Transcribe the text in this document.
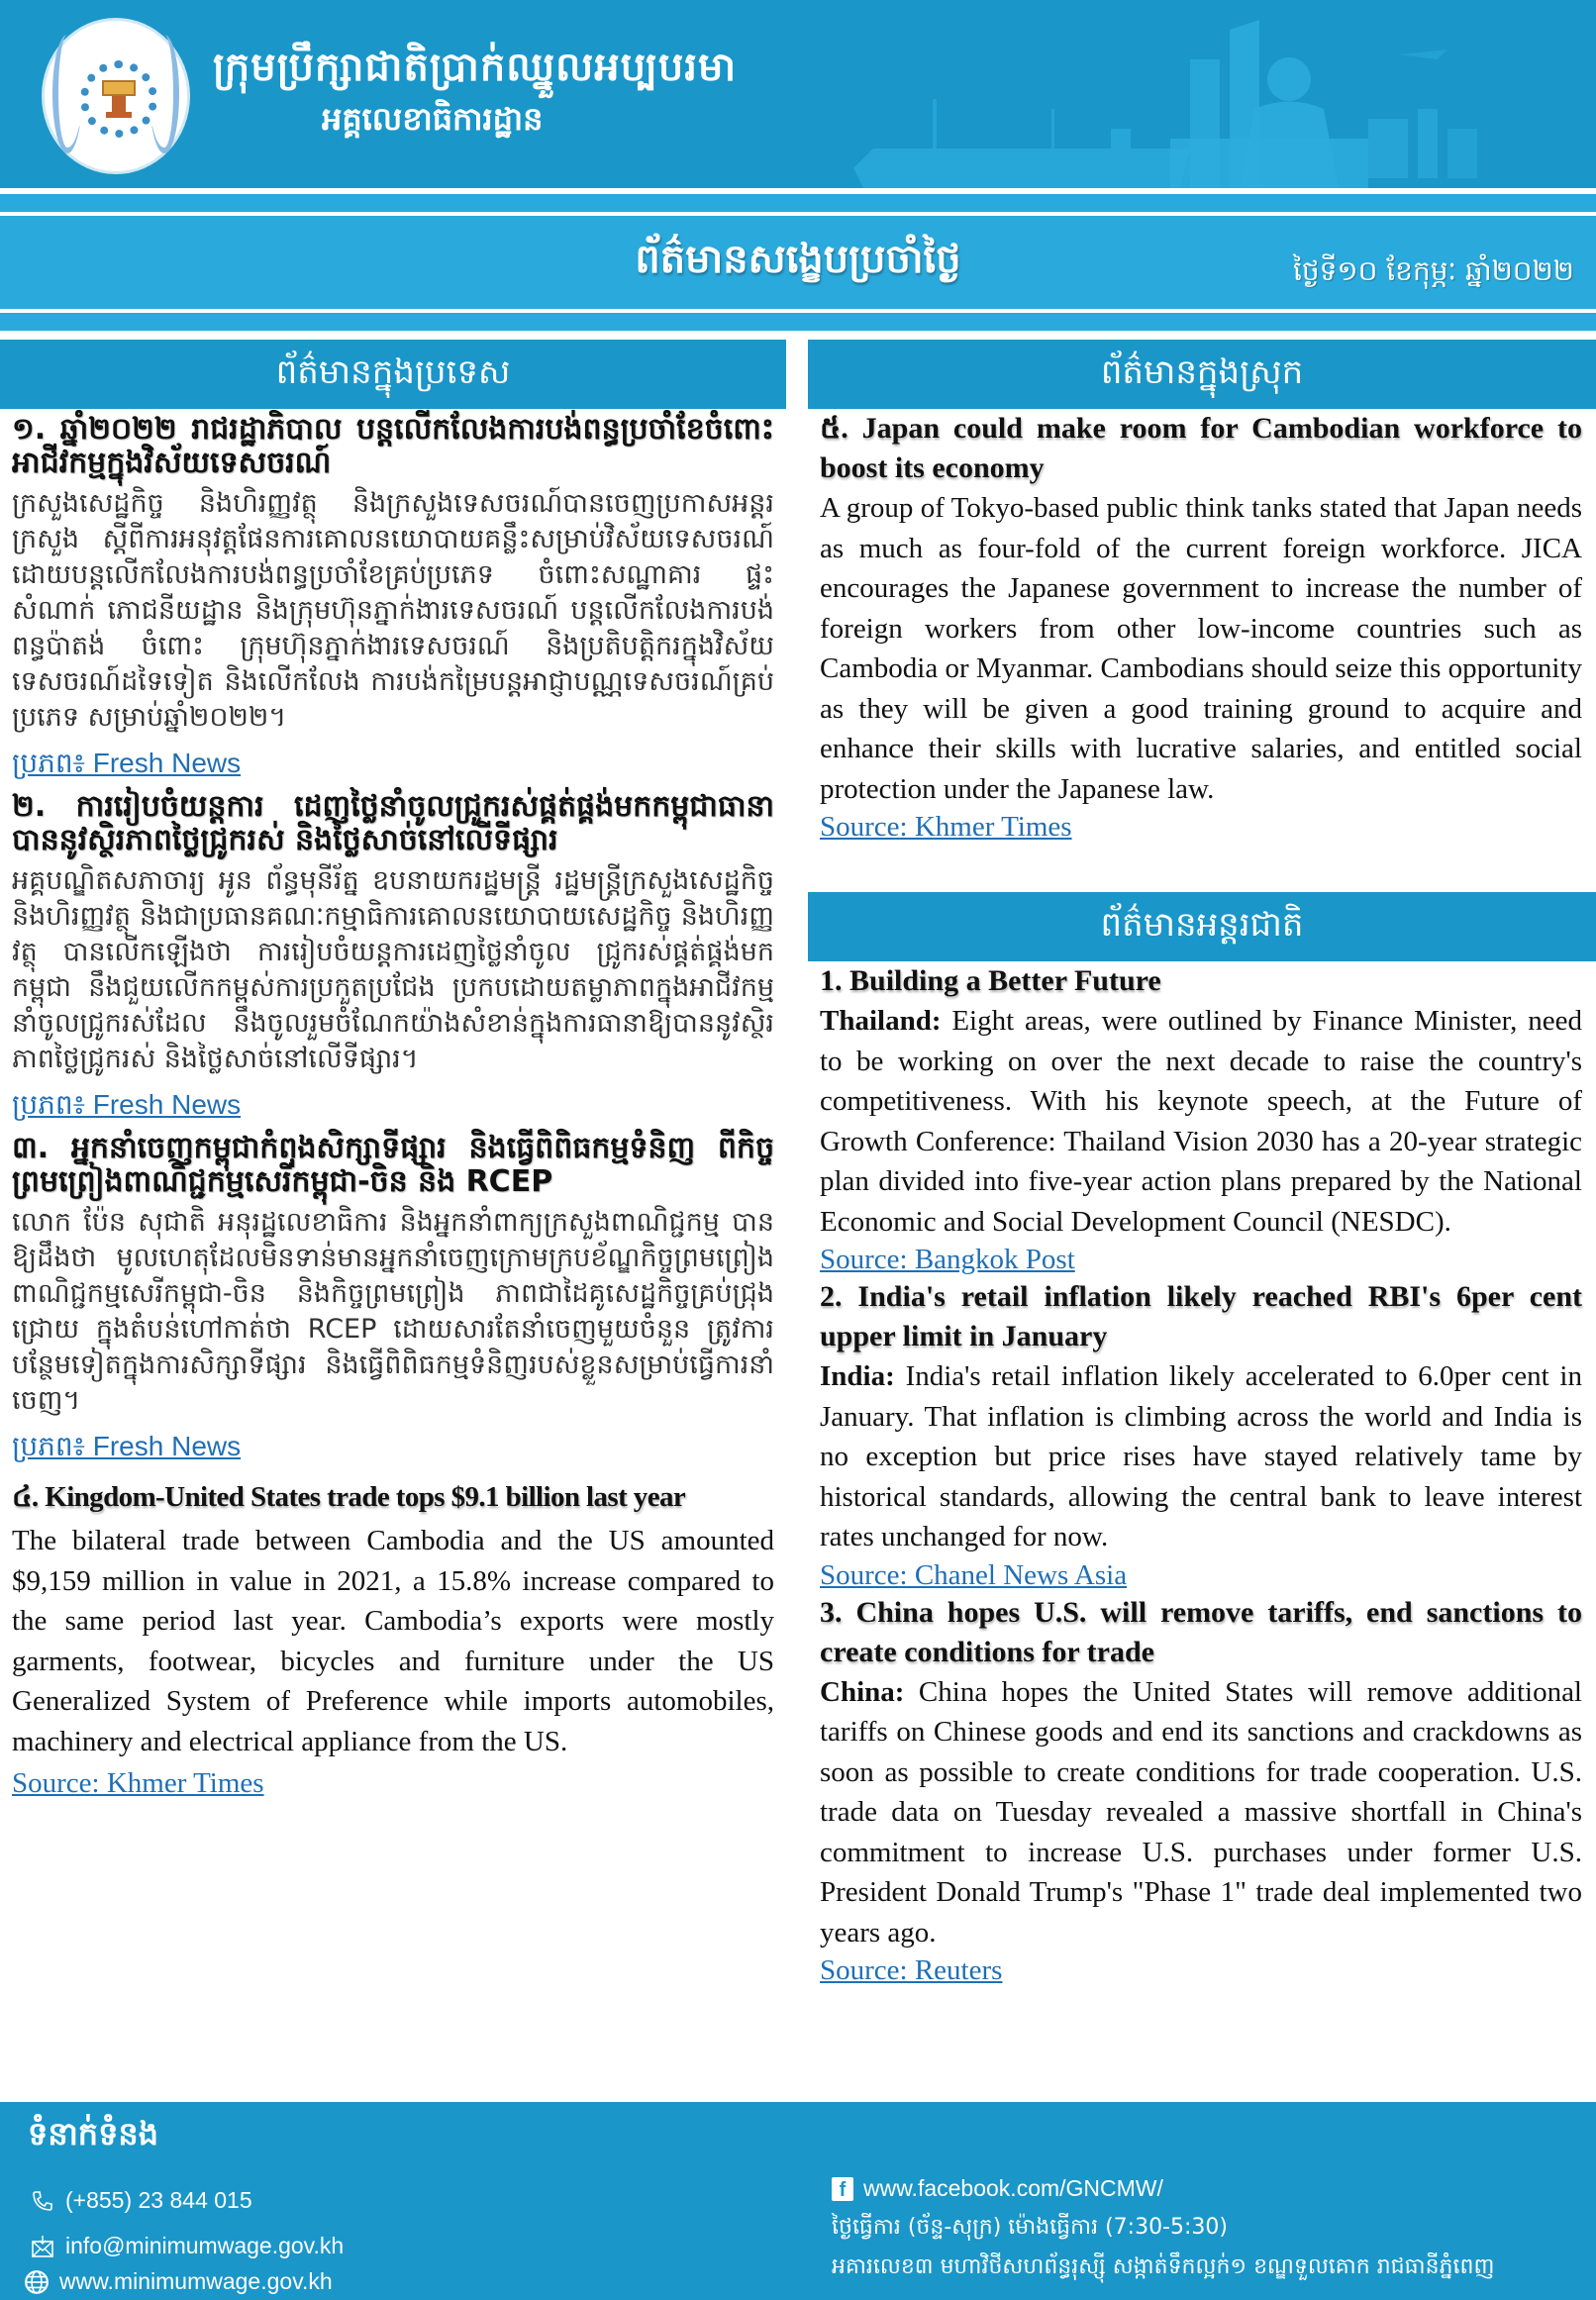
ក្រុមប្រឹក្សាជាតិប្រាក់ឈ្នួលអប្បបរមា
អគ្គលេខាធិការដ្ឋាន
ព័ត៌មានសង្ខេបប្រចាំថ្ងៃ	ថ្ងៃទី១០ ខែកុម្ភៈ ឆ្នាំ២០២២
ព័ត៌មានក្នុងប្រទេស
១. ឆ្នាំ២០២២ រាជរដ្ឋាភិបាល បន្តលើកលែងការបង់ពន្ធប្រចាំខែចំពោះអាជីវកម្មក្នុងវិស័យទេសចរណ៍
ក្រសួងសេដ្ឋកិច្ច និងហិរញ្ញវត្ថុ និងក្រសួងទេសចរណ៍បានចេញប្រកាសអន្តរក្រសួង ស្ដីពីការអនុវត្តផែនការគោលនយោបាយគន្លឹះសម្រាប់វិស័យទេសចរណ៍ ដោយបន្តលើកលែងការបង់ពន្ធប្រចាំខែគ្រប់ប្រភេទ ចំពោះសណ្ឋាគារ ផ្ទះសំណាក់ ភោជនីយដ្ឋាន និងក្រុមហ៊ុនភ្នាក់ងារទេសចរណ៍ បន្តលើកលែងការបង់ពន្ធប៉ាតង់ ចំពោះ ក្រុមហ៊ុនភ្នាក់ងារទេសចរណ៍ និងប្រតិបត្តិករក្នុងវិស័យទេសចរណ៍ដទៃទៀត និងលើកលែង ការបង់កម្រៃបន្តអាជ្ញាបណ្ណទេសចរណ៍គ្រប់ប្រភេទ សម្រាប់ឆ្នាំ២០២២។
ប្រភព៖ Fresh News
២. ការរៀបចំយន្តការ ដេញថ្លៃនាំចូលជ្រូករស់ផ្គត់ផ្គង់មកកម្ពុជាធានាបាននូវស្ថិរភាពថ្លៃជ្រូករស់ និងថ្លៃសាច់នៅលើទីផ្សារ
អគ្គបណ្ឌិតសភាចារ្យ អូន ព័ន្ធមុនីរ័ត្ន ឧបនាយករដ្ឋមន្ត្រី រដ្ឋមន្ត្រីក្រសួងសេដ្ឋកិច្ច និងហិរញ្ញវត្ថុ និងជាប្រធានគណៈកម្មាធិការគោលនយោបាយសេដ្ឋកិច្ច និងហិរញ្ញវត្ថុ បានលើកឡើងថា ការរៀបចំយន្តការដេញថ្លៃនាំចូល ជ្រូករស់ផ្គត់ផ្គង់មកកម្ពុជា នឹងជួយលើកកម្ពស់ការប្រកួតប្រជែង ប្រកបដោយតម្លាភាពក្នុងអាជីវកម្មនាំចូលជ្រូករស់ដែល នឹងចូលរួមចំណែកយ៉ាងសំខាន់ក្នុងការធានាឱ្យបាននូវស្ថិរភាពថ្លៃជ្រូករស់ និងថ្លៃសាច់នៅលើទីផ្សារ។
ប្រភព៖ Fresh News
៣. អ្នកនាំចេញកម្ពុជាកំពុងសិក្សាទីផ្សារ និងធ្វើពិពិធកម្មទំនិញ ពីកិច្ចព្រមព្រៀងពាណិជ្ជកម្មសេរីកម្ពុជា-ចិន និង RCEP
លោក ប៉ែន សុជាតិ អនុរដ្ឋលេខាធិការ និងអ្នកនាំពាក្យក្រសួងពាណិជ្ជកម្ម បានឱ្យដឹងថា មូលហេតុដែលមិនទាន់មានអ្នកនាំចេញក្រោមក្របខ័ណ្ឌកិច្ចព្រមព្រៀង ពាណិជ្ជកម្មសេរីកម្ពុជា-ចិន និងកិច្ចព្រមព្រៀង ភាពជាដៃគូសេដ្ឋកិច្ចគ្រប់ជ្រុងជ្រោយ ក្នុងតំបន់ហៅកាត់ថា RCEP ដោយសារតែនាំចេញមួយចំនួន ត្រូវការបន្ថែមទៀតក្នុងការសិក្សាទីផ្សារ និងធ្វើពិពិធកម្មទំនិញរបស់ខ្លួនសម្រាប់ធ្វើការនាំចេញ។
ប្រភព៖ Fresh News
៤. Kingdom-United States trade tops $9.1 billion last year
The bilateral trade between Cambodia and the US amounted $9,159 million in value in 2021, a 15.8% increase compared to the same period last year. Cambodia’s exports were mostly garments, footwear, bicycles and furniture under the US Generalized System of Preference while imports automobiles, machinery and electrical appliance from the US.
Source: Khmer Times
ព័ត៌មានក្នុងស្រុក
៥. Japan could make room for Cambodian workforce to boost its economy
A group of Tokyo-based public think tanks stated that Japan needs as much as four-fold of the current foreign workforce. JICA encourages the Japanese government to increase the number of foreign workers from other low-income countries such as Cambodia or Myanmar. Cambodians should seize this opportunity as they will be given a good training ground to acquire and enhance their skills with lucrative salaries, and entitled social protection under the Japanese law.
Source: Khmer Times
ព័ត៌មានអន្តរជាតិ
1. Building a Better Future
Thailand: Eight areas, were outlined by Finance Minister, need to be working on over the next decade to raise the country's competitiveness. With his keynote speech, at the Future of Growth Conference: Thailand Vision 2030 has a 20-year strategic plan divided into five-year action plans prepared by the National Economic and Social Development Council (NESDC).
Source: Bangkok Post
2. India's retail inflation likely reached RBI's 6per cent upper limit in January
India: India's retail inflation likely accelerated to 6.0per cent in January. That inflation is climbing across the world and India is no exception but price rises have stayed relatively tame by historical standards, allowing the central bank to leave interest rates unchanged for now.
Source: Chanel News Asia
3. China hopes U.S. will remove tariffs, end sanctions to create conditions for trade
China: China hopes the United States will remove additional tariffs on Chinese goods and end its sanctions and crackdowns as soon as possible to create conditions for trade cooperation. U.S. trade data on Tuesday revealed a massive shortfall in China's commitment to increase U.S. purchases under former U.S. President Donald Trump's "Phase 1" trade deal implemented two years ago.
Source: Reuters
ទំនាក់ទំនង
(+855) 23 844 015
info@minimumwage.gov.kh
www.minimumwage.gov.kh
f www.facebook.com/GNCMW/
ថ្ងៃធ្វើការ (ច័ន្ទ-សុក្រ) ម៉ោងធ្វើការ (7:30-5:30)
អគារលេខ៣ មហាវិថីសហព័ន្ធរុស្ស៊ី សង្កាត់ទឹកល្អក់១ ខណ្ឌទួលគោក រាជធានីភ្នំពេញ
